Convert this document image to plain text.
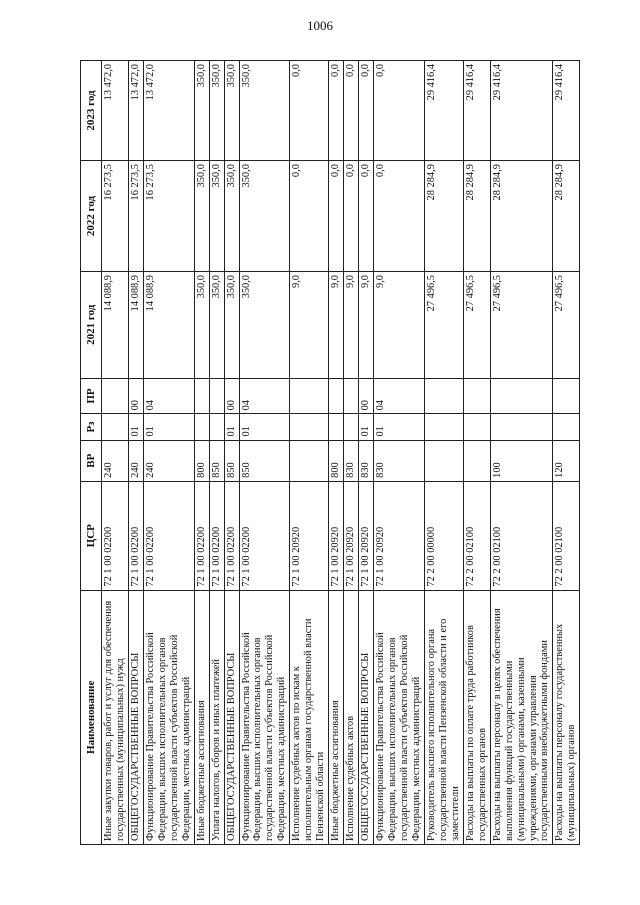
1006
Наименование	ЦСР	ВР	Рз	ПР	2021 год	2022 год	2023 год
Иные закупки товаров, работ и услуг для обеспечения государственных (муниципальных) нужд	72 1 00 02200	240			14 088,9	16 273,5	13 472,0
ОБЩЕГОСУДАРСТВЕННЫЕ ВОПРОСЫ	72 1 00 02200	240	01	00	14 088,9	16 273,5	13 472,0
Функционирование Правительства Российской Федерации, высших исполнительных органов государственной власти субъектов Российской Федерации, местных администраций	72 1 00 02200	240	01	04	14 088,9	16 273,5	13 472,0
Иные бюджетные ассигнования	72 1 00 02200	800			350,0	350,0	350,0
Уплата налогов, сборов и иных платежей	72 1 00 02200	850			350,0	350,0	350,0
ОБЩЕГОСУДАРСТВЕННЫЕ ВОПРОСЫ	72 1 00 02200	850	01	00	350,0	350,0	350,0
Функционирование Правительства Российской Федерации, высших исполнительных органов государственной власти субъектов Российской Федерации, местных администраций	72 1 00 02200	850	01	04	350,0	350,0	350,0
Исполнение судебных актов по искам к исполнительным органам государственной власти Пензенской области	72 1 00 20920				9,0	0,0	0,0
Иные бюджетные ассигнования	72 1 00 20920	800			9,0	0,0	0,0
Исполнение судебных актов	72 1 00 20920	830			9,0	0,0	0,0
ОБЩЕГОСУДАРСТВЕННЫЕ ВОПРОСЫ	72 1 00 20920	830	01	00	9,0	0,0	0,0
Функционирование Правительства Российской Федерации, высших исполнительных органов государственной власти субъектов Российской Федерации, местных администраций	72 1 00 20920	830	01	04	9,0	0,0	0,0
Руководитель высшего исполнительного органа государственной власти Пензенской области и его заместители	72 2 00 00000				27 496,5	28 284,9	29 416,4
Расходы на выплаты по оплате труда работников государственных органов	72 2 00 02100				27 496,5	28 284,9	29 416,4
Расходы на выплаты персоналу в целях обеспечения выполнения функций государственными (муниципальными) органами, казенными учреждениями, органами управления государственными внебюджетными фондами	72 2 00 02100	100			27 496,5	28 284,9	29 416,4
Расходы на выплаты персоналу государственных (муниципальных) органов	72 2 00 02100	120			27 496,5	28 284,9	29 416,4
